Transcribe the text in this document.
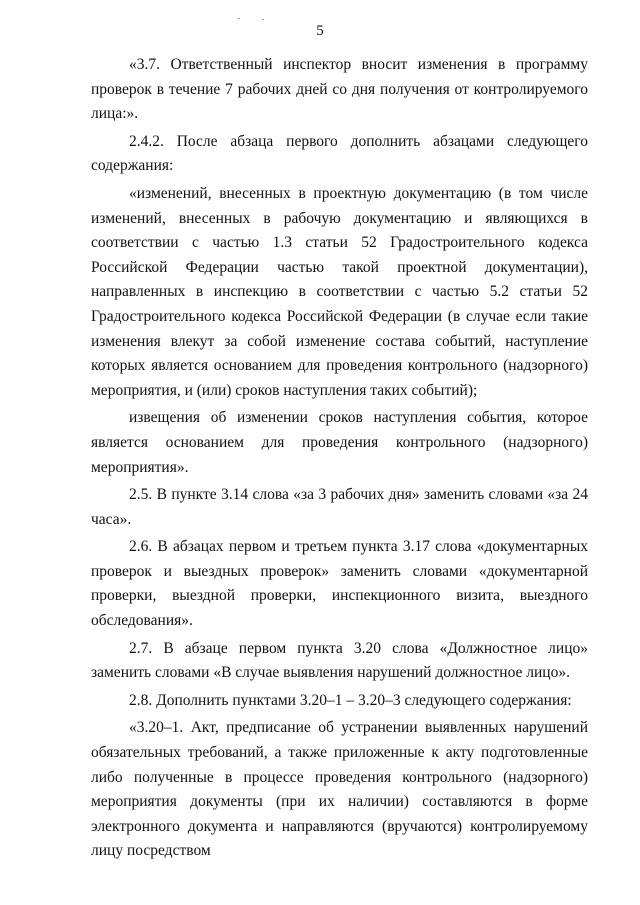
5

«3.7. Ответственный инспектор вносит изменения в программу проверок в течение 7 рабочих дней со дня получения от контролируемого лица:».

2.4.2. После абзаца первого дополнить абзацами следующего содержания:

«изменений, внесенных в проектную документацию (в том числе изменений, внесенных в рабочую документацию и являющихся в соответствии с частью 1.3 статьи 52 Градостроительного кодекса Российской Федерации частью такой проектной документации), направленных в инспекцию в соответствии с частью 5.2 статьи 52 Градостроительного кодекса Российской Федерации (в случае если такие изменения влекут за собой изменение состава событий, наступление которых является основанием для проведения контрольного (надзорного) мероприятия, и (или) сроков наступления таких событий);

извещения об изменении сроков наступления события, которое является основанием для проведения контрольного (надзорного) мероприятия».

2.5. В пункте 3.14 слова «за 3 рабочих дня» заменить словами «за 24 часа».

2.6. В абзацах первом и третьем пункта 3.17 слова «документарных проверок и выездных проверок» заменить словами «документарной проверки, выездной проверки, инспекционного визита, выездного обследования».

2.7. В абзаце первом пункта 3.20 слова «Должностное лицо» заменить словами «В случае выявления нарушений должностное лицо».

2.8. Дополнить пунктами 3.20–1 – 3.20–3 следующего содержания:

«3.20–1. Акт, предписание об устранении выявленных нарушений обязательных требований, а также приложенные к акту подготовленные либо полученные в процессе проведения контрольного (надзорного) мероприятия документы (при их наличии) составляются в форме электронного документа и направляются (вручаются) контролируемому лицу посредством
